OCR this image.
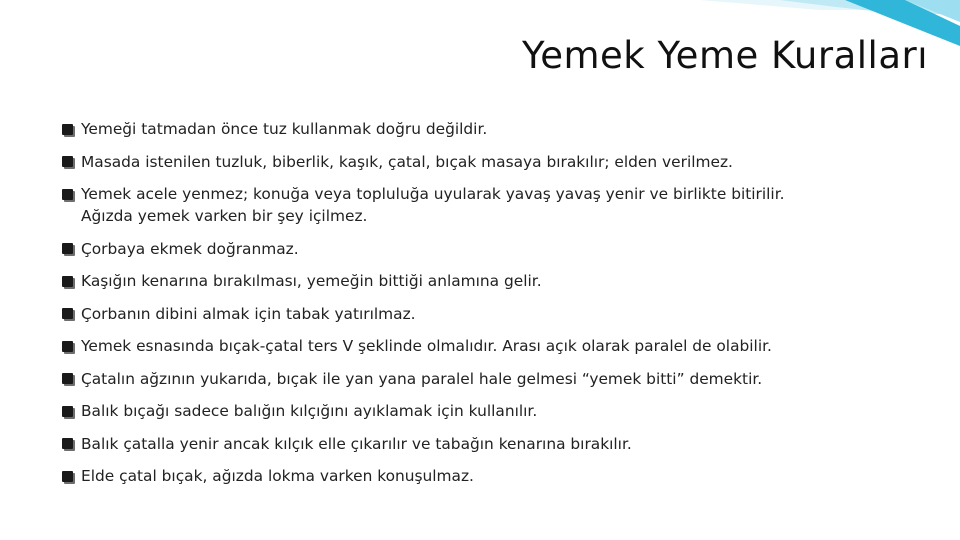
Yemek Yeme Kuralları
Yemeği tatmadan önce tuz kullanmak doğru değildir.
Masada istenilen tuzluk, biberlik, kaşık, çatal, bıçak masaya bırakılır; elden verilmez.
Yemek acele yenmez; konuğa veya topluluğa uyularak yavaş yavaş yenir ve birlikte bitirilir.
Ağızda yemek varken bir şey içilmez.
Çorbaya ekmek doğranmaz.
Kaşığın kenarına bırakılması, yemeğin bittiği anlamına gelir.
Çorbanın dibini almak için tabak yatırılmaz.
Yemek esnasında bıçak-çatal ters V şeklinde olmalıdır. Arası açık olarak paralel de olabilir.
Çatalın ağzının yukarıda, bıçak ile yan yana paralel hale gelmesi “yemek bitti” demektir.
Balık bıçağı sadece balığın kılçığını ayıklamak için kullanılır.
Balık çatalla yenir ancak kılçık elle çıkarılır ve tabağın kenarına bırakılır.
Elde çatal bıçak, ağızda lokma varken konuşulmaz.
